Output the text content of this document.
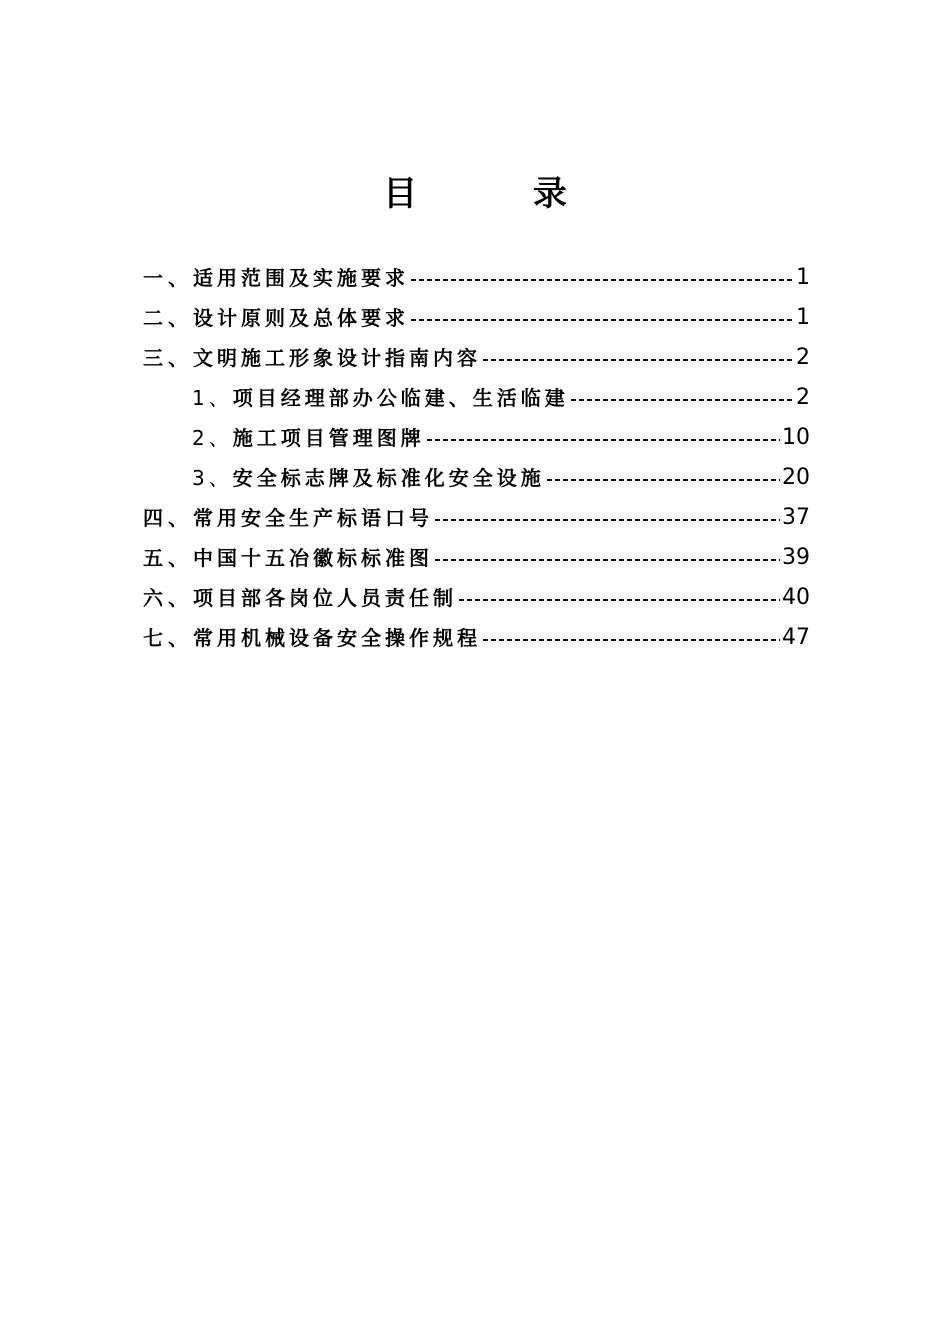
目 录
一、 适用范围及实施要求	1
二、 设计原则及总体要求	1
三、 文明施工形象设计指南内容	2
1、 项目经理部办公临建、生活临建	2
2、 施工项目管理图牌	10
3、 安全标志牌及标准化安全设施	20
四、 常用安全生产标语口号	37
五、 中国十五冶徽标标准图	39
六、 项目部各岗位人员责任制	40
七、 常用机械设备安全操作规程	47
